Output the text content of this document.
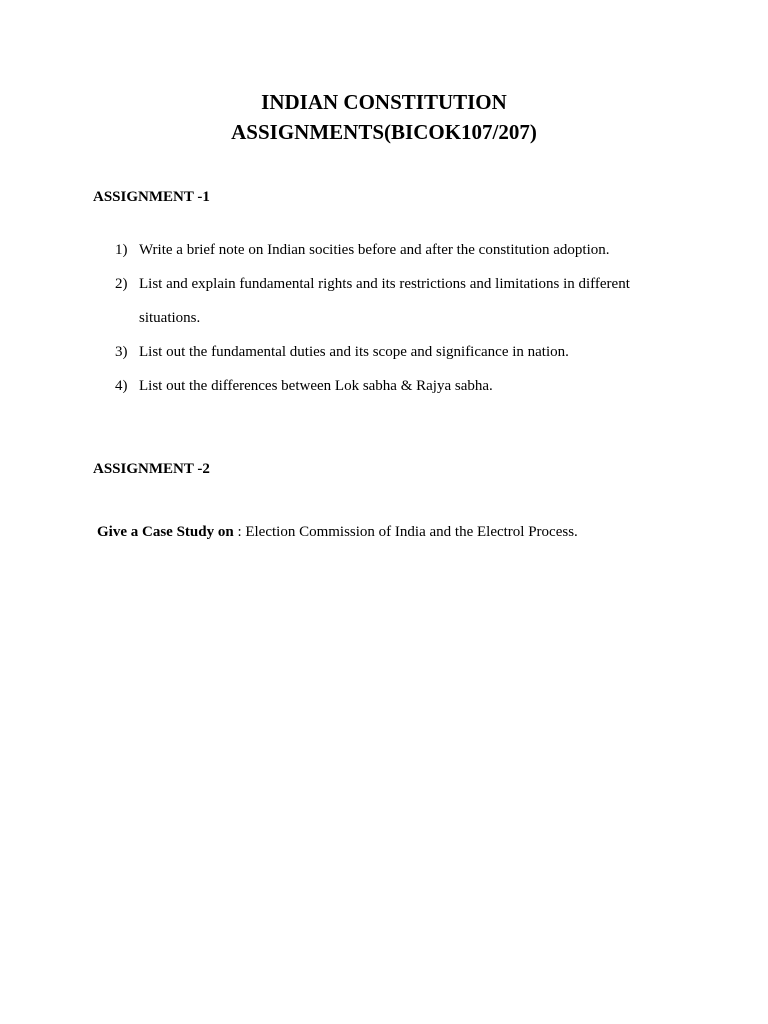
INDIAN CONSTITUTION
ASSIGNMENTS(BICOK107/207)
ASSIGNMENT -1
1) Write a brief note on Indian socities before and after the constitution adoption.
2) List and explain fundamental rights and its restrictions and limitations in different situations.
3) List out the fundamental duties and its scope and significance in nation.
4) List out the differences between Lok sabha & Rajya sabha.
ASSIGNMENT -2
Give a Case Study on : Election Commission of India and the Electrol Process.
